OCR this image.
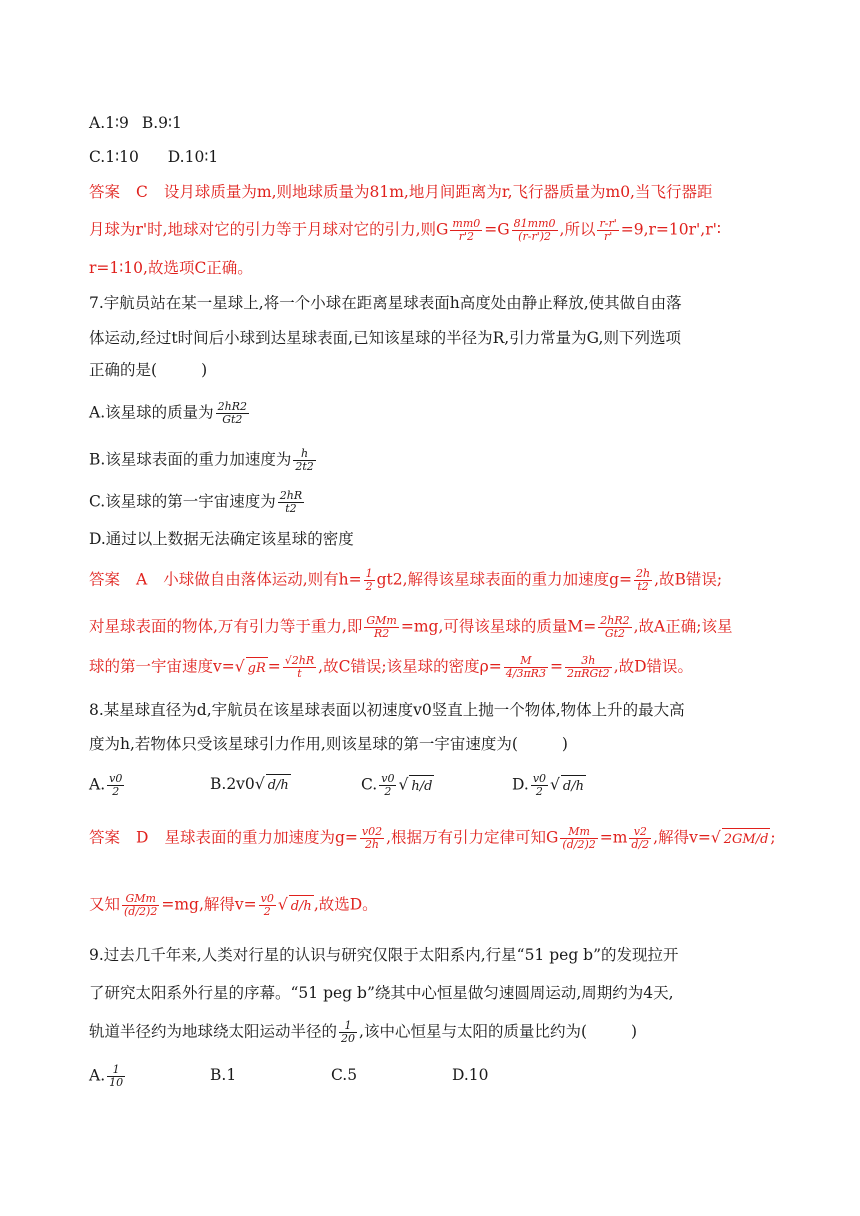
A.1∶9 B.9∶1
C.1∶10 D.10∶1
答案 C 设月球质量为m,则地球质量为81m,地月间距离为r,飞行器质量为m0,当飞行器距
月球为r'时,地球对它的引力等于月球对它的引力,则G $\frac{mm0}{r'2} =G \frac{81mm0}{(r-r')2}$ ,所以 $\frac{r-r'}{r'}$ =9,r=10r',r'∶
r=1∶10,故选项C正确。
7.宇航员站在某一星球上,将一个小球在距离星球表面h高度处由静止释放,使其做自由落
体运动,经过t时间后小球到达星球表面,已知该星球的半径为R,引力常量为G,则下列选项
正确的是(	)
A.该星球的质量为 $\frac{2hR2}{Gt2}$
B.该星球表面的重力加速度为 $\frac{h}{2t2}$
C.该星球的第一宇宙速度为 $\frac{2hR}{t2}$
D.通过以上数据无法确定该星球的密度
答案 A 小球做自由落体运动,则有$h= \frac{1}{2} gt2$,解得该星球表面的重力加速度$g= \frac{2h}{t2}$ ,故B错误;
对星球表面的物体,万有引力等于重力,即 $\frac{\text{GMm}}{R2} =mg$,可得该星球的质量$M= \frac{2hR2}{Gt2}$ ,故A正确;该星
球的第一宇宙速度v=√ gR = $\frac{√2hR}{t}$ ,故C错误;该星球的密度$\rho= \frac{M}{4/3\pi R3} = \frac{3h}{\text{2πRGt2}}$ ,故D错误。
8.某星球直径为d,宇航员在该星球表面以初速度v0竖直上抛一个物体,物体上升的最大高
度为h,若物体只受该星球引力作用,则该星球的第一宇宙速度为(	)
A. $\frac{v0}{2}$	B.2v0√ d/h	C. $\frac{v0}{2}$ √ h/d	D. $\frac{v0}{2}$ √ d/h
答案 D 星球表面的重力加速度为$g= \frac{v02}{2h}$ ,根据万有引力定律可知G $\frac{Mm}{(d/2)2} =m \frac{v2}{d/2}$ ,解得v=√ 2GM/d ;
又知 $\frac{\text{GMm}}{(d/2)2} =mg$,解得$v= \frac{v0}{2}$ √ d/h ,故选D。
9.过去几千年来,人类对行星的认识与研究仅限于太阳系内,行星“51 peg b”的发现拉开
了研究太阳系外行星的序幕。“51 peg b”绕其中心恒星做匀速圆周运动,周期约为4天,
轨道半径约为地球绕太阳运动半径的 $\frac{1}{20}$ ,该中心恒星与太阳的质量比约为(	)
A. $\frac{1}{10}$	B.1	C.5	D.10
